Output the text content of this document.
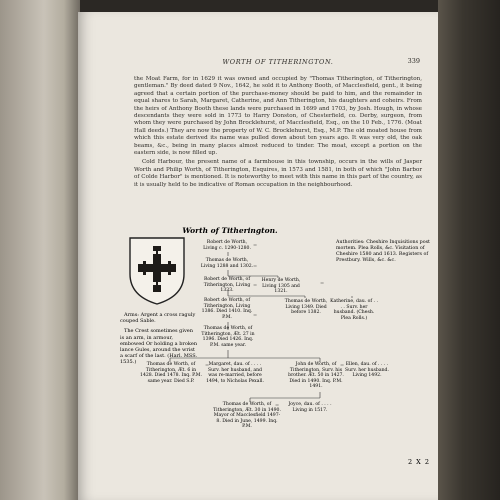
WORTH OF TITHERINGTON.	339

the Moat Farm, for in 1629 it was owned and occupied by "Thomas Titherington, of Titherington, gentleman." By deed dated 9 Nov., 1642, he sold it to Anthony Booth, of Macclesfield, gent., it being agreed that a certain portion of the purchase-money should be paid to him, and the remainder in equal shares to Sarah, Margaret, Catherine, and Ann Titherington, his daughters and coheirs. From the heirs of Anthony Booth these lands were purchased in 1699 and 1703, by Josh. Hough, in whose descendants they were sold in 1773 to Harry Donston, of Chesterfield, co. Derby, surgeon, from whom they were purchased by John Brocklehurst, of Macclesfield, Esq., on the 10 Feb., 1776. (Moat Hall deeds.) They are now the property of W. C. Brocklehurst, Esq., M.P. The old moated house from which this estate derived its name was pulled down about ten years ago. It was very old, the oak beams, &c., being in many places almost reduced to tinder. The moat, except a portion on the eastern side, is now filled up.

Cold Harbour, the present name of a farmhouse in this township, occurs in the wills of Jasper Worth and Philip Worth, of Titherington, Esquires, in 1573 and 1581, in both of which "John Barbor of Colde Harbor" is mentioned. It is noteworthy to meet with this name in this part of the country, as it is usually held to be indicative of Roman occupation in the neighbourhood.

Worth of Titherington.

Arms: Argent a cross raguly couped Sable.

The Crest sometimes given is an arm, in armour, embowed Or holding a broken lance Gules, around the wrist a scarf of the last. (Harl. MSS. 1535.)

Authorities: Cheshire Inquisitions post mortem. Plea Rolls, &c. Visitation of Cheshire 1580 and 1613. Registers of Prestbury. Wills, &c. &c.
=
=
=
=
=
=	=
=
Robert de Worth, Living c. 1290-1280.
Thomas de Worth, Living 1288 and 1302.
Robert de Worth, of Titherington, Living 1333.
Henry de Worth, Living 1305 and 1321.
Robert de Worth, of Titherington, Living 1386. Died 1410. Inq. P.M.
Thomas de Worth, Living 1349. Died before 1382.
Katherine, dau. of . . . . Surv. her husband. (Chesh. Plea Rolls.)
Thomas de Worth, of Titherington, Æt. 27 in 1396. Died 1426. Inq. P.M. same year.
Thomas de Worth, of Titherington, Æt. 6 in 1428. Died 1478. Inq. P.M. same year. Died S.P.
Margaret, dau. of . . . . Surv. her husband, and was re-married, before 1494, to Nicholas Pexall.
John de Worth, of Titherington, Surv. his brother. Æt. 50 in 1427. Died in 1490. Inq. P.M. 1491.
Ellen, dau. of . . . . Surv. her husband. Living 1492.
Thomas de Worth, of Titherington, Æt. 30 in 1490. Mayor of Macclesfield 1497-8. Died in June, 1499. Inq. P.M.
Joyce, dau. of . . . . Living in 1517.
2 X 2
